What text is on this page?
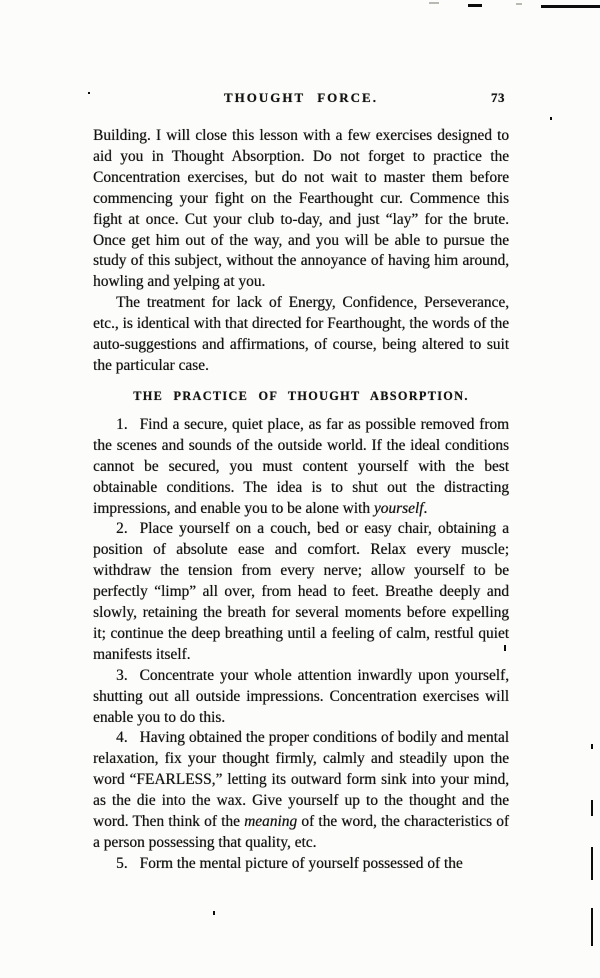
THOUGHT FORCE.	73

Building. I will close this lesson with a few exercises designed to aid you in Thought Absorption. Do not forget to practice the Concentration exercises, but do not wait to master them before commencing your fight on the Fearthought cur. Commence this fight at once. Cut your club to-day, and just “lay” for the brute. Once get him out of the way, and you will be able to pursue the study of this subject, without the annoyance of having him around, howling and yelping at you.

The treatment for lack of Energy, Confidence, Perseverance, etc., is identical with that directed for Fearthought, the words of the auto-suggestions and affirmations, of course, being altered to suit the particular case.

THE PRACTICE OF THOUGHT ABSORPTION.

1. Find a secure, quiet place, as far as possible removed from the scenes and sounds of the outside world. If the ideal conditions cannot be secured, you must content yourself with the best obtainable conditions. The idea is to shut out the distracting impressions, and enable you to be alone with yourself.

2. Place yourself on a couch, bed or easy chair, obtaining a position of absolute ease and comfort. Relax every muscle; withdraw the tension from every nerve; allow yourself to be perfectly “limp” all over, from head to feet. Breathe deeply and slowly, retaining the breath for several moments before expelling it; continue the deep breathing until a feeling of calm, restful quiet manifests itself.

3. Concentrate your whole attention inwardly upon yourself, shutting out all outside impressions. Concentration exercises will enable you to do this.

4. Having obtained the proper conditions of bodily and mental relaxation, fix your thought firmly, calmly and steadily upon the word “FEARLESS,” letting its outward form sink into your mind, as the die into the wax. Give yourself up to the thought and the word. Then think of the meaning of the word, the characteristics of a person possessing that quality, etc.

5. Form the mental picture of yourself possessed of the
